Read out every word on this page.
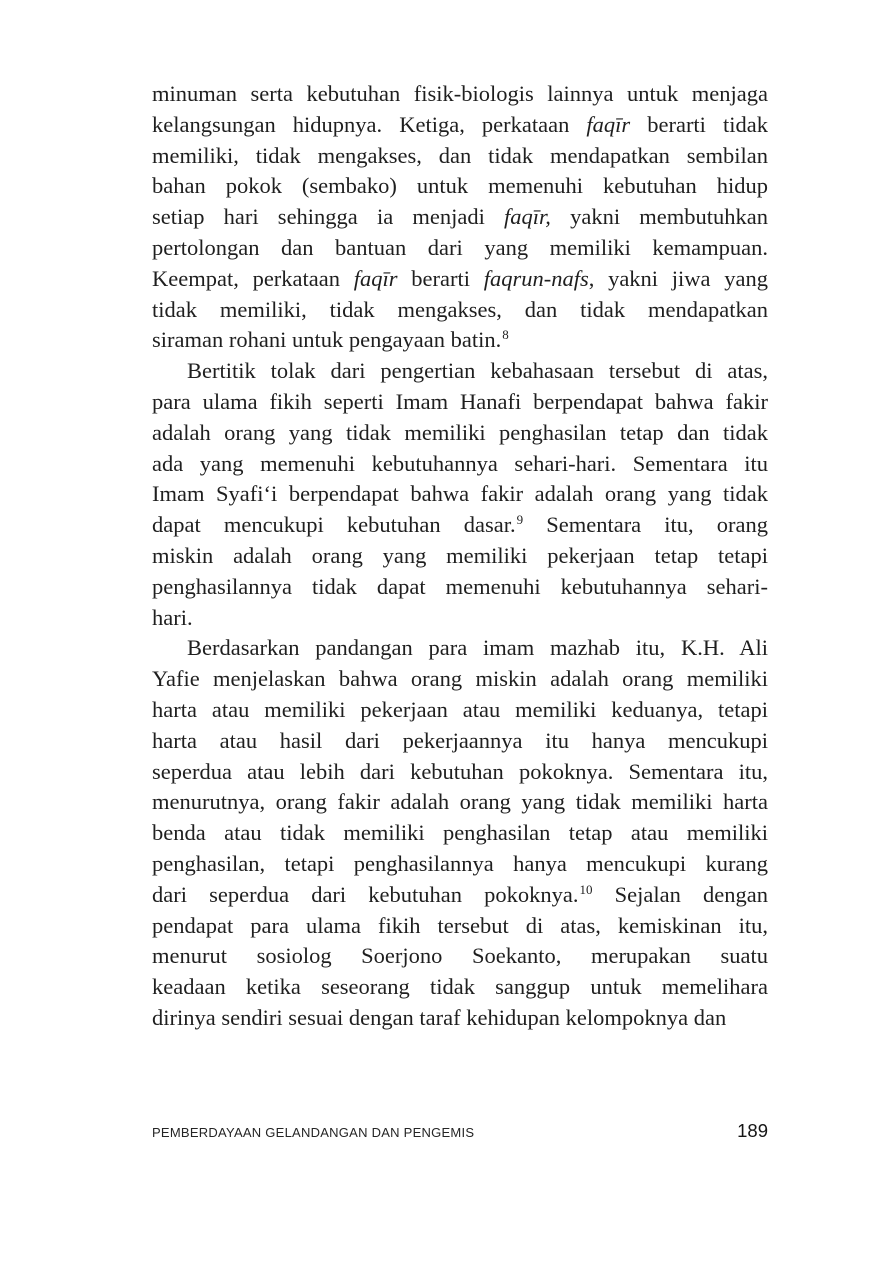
minuman serta kebutuhan fisik-biologis lainnya untuk menjaga
kelangsungan hidupnya. Ketiga, perkataan faqīr berarti tidak
memiliki, tidak mengakses, dan tidak mendapatkan sembilan
bahan pokok (sembako) untuk memenuhi kebutuhan hidup
setiap hari sehingga ia menjadi faqīr, yakni membutuhkan
pertolongan dan bantuan dari yang memiliki kemampuan.
Keempat, perkataan faqīr berarti faqrun-nafs, yakni jiwa yang
tidak memiliki, tidak mengakses, dan tidak mendapatkan
siraman rohani untuk pengayaan batin.$^8$
Bertitik tolak dari pengertian kebahasaan tersebut di atas,
para ulama fikih seperti Imam Hanafi berpendapat bahwa fakir
adalah orang yang tidak memiliki penghasilan tetap dan tidak
ada yang memenuhi kebutuhannya sehari-hari. Sementara itu
Imam Syafi‘i berpendapat bahwa fakir adalah orang yang tidak
dapat mencukupi kebutuhan dasar.$^9$ Sementara itu, orang
miskin adalah orang yang memiliki pekerjaan tetap tetapi
penghasilannya tidak dapat memenuhi kebutuhannya sehari-
hari.
Berdasarkan pandangan para imam mazhab itu, K.H. Ali
Yafie menjelaskan bahwa orang miskin adalah orang memiliki
harta atau memiliki pekerjaan atau memiliki keduanya, tetapi
harta atau hasil dari pekerjaannya itu hanya mencukupi
seperdua atau lebih dari kebutuhan pokoknya. Sementara itu,
menurutnya, orang fakir adalah orang yang tidak memiliki harta
benda atau tidak memiliki penghasilan tetap atau memiliki
penghasilan, tetapi penghasilannya hanya mencukupi kurang
dari seperdua dari kebutuhan pokoknya.$^{10}$ Sejalan dengan
pendapat para ulama fikih tersebut di atas, kemiskinan itu,
menurut sosiolog Soerjono Soekanto, merupakan suatu
keadaan ketika seseorang tidak sanggup untuk memelihara
dirinya sendiri sesuai dengan taraf kehidupan kelompoknya dan
PEMBERDAYAAN GELANDANGAN DAN PENGEMIS	189
